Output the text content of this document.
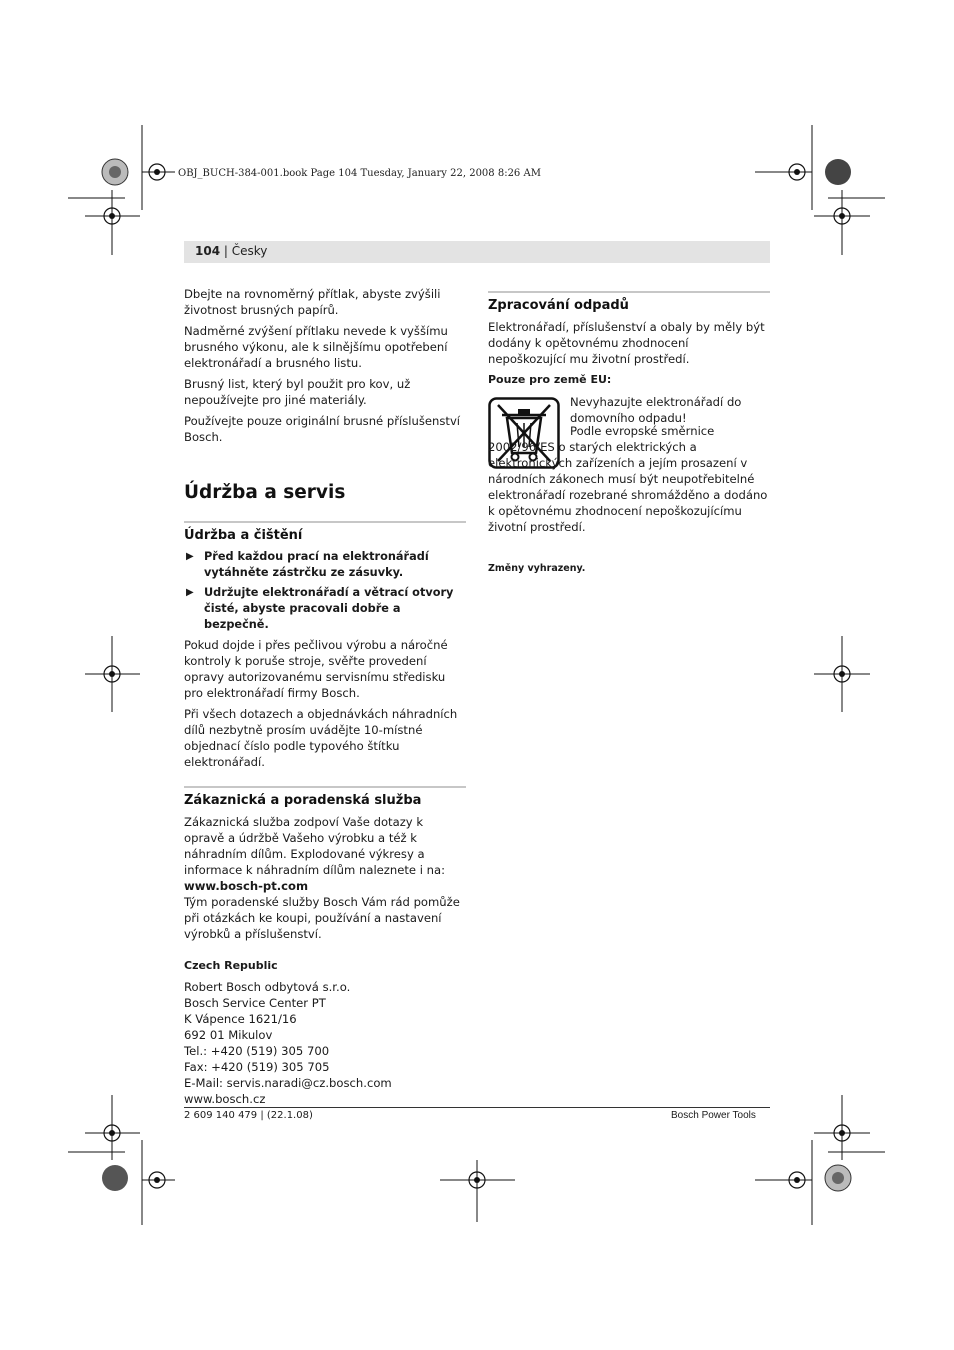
OBJ_BUCH-384-001.book Page 104 Tuesday, January 22, 2008 8:26 AM
104 | Česky

Dbejte na rovnoměrný přítlak, abyste zvýšili životnost brusných papírů.

Nadměrné zvýšení přítlaku nevede k vyššímu brusného výkonu, ale k silnějšímu opotřebení elektronářadí a brusného listu.

Brusný list, který byl použit pro kov, už nepoužívejte pro jiné materiály.

Používejte pouze originální brusné příslušenství Bosch.

Údržba a servis
Údržba a čištění
▶ Před každou prací na elektronářadí vytáhněte zástrčku ze zásuvky.
▶ Udržujte elektronářadí a větrací otvory čisté, abyste pracovali dobře a bezpečně.

Pokud dojde i přes pečlivou výrobu a náročné kontroly k poruše stroje, svěřte provedení opravy autorizovanému servisnímu středisku pro elektronářadí firmy Bosch.

Při všech dotazech a objednávkách náhradních dílů nezbytně prosím uvádějte 10-místné objednací číslo podle typového štítku elektronářadí.

Zákaznická a poradenská služba
Zákaznická služba zodpoví Vaše dotazy k opravě a údržbě Vašeho výrobku a též k náhradním dílům. Explodované výkresy a informace k náhradním dílům naleznete i na:
www.bosch-pt.com
Tým poradenské služby Bosch Vám rád pomůže při otázkách ke koupi, používání a nastavení výrobků a příslušenství.
Czech Republic
Robert Bosch odbytová s.r.o.
Bosch Service Center PT
K Vápence 1621/16
692 01 Mikulov
Tel.: +420 (519) 305 700
Fax: +420 (519) 305 705
E-Mail: servis.naradi@cz.bosch.com
www.bosch.cz
Zpracování odpadů

Elektronářadí, příslušenství a obaly by měly být dodány k opětovnému zhodnocení nepoškozující mu životní prostředí.

Pouze pro země EU:
Nevyhazujte elektronářadí do domovního odpadu!
Podle evropské směrnice 2002/96/ES o starých elektrických a elektronických zařízeních a jejím prosazení v národních zákonech musí být neupotřebitelné elektronářadí rozebrané shromážděno a dodáno k opětovnému zhodnocení nepoškozujícímu životní prostředí.
Změny vyhrazeny.
2 609 140 479 | (22.1.08)	Bosch Power Tools
